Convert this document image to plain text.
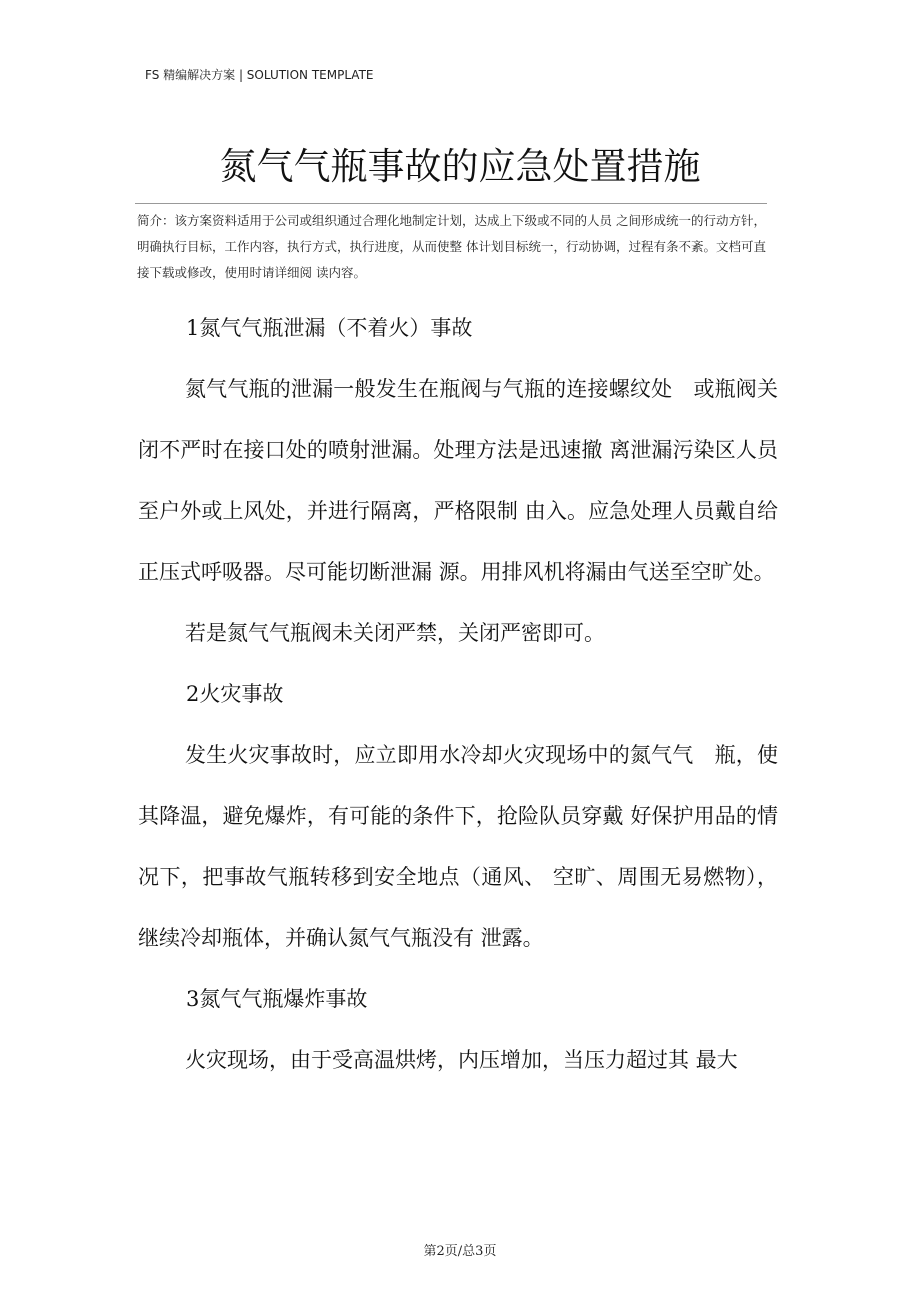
FS 精编解决方案 | SOLUTION TEMPLATE
氮气气瓶事故的应急处置措施
简介：该方案资料适用于公司或组织通过合理化地制定计划，达成上下级或不同的人员 之间形成统一的行动方针，明确执行目标，工作内容，执行方式，执行进度，从而使整 体计划目标统一，行动协调，过程有条不紊。文档可直接下载或修改，使用时请详细阅 读内容。
1氮气气瓶泄漏（不着火）事故
氮气气瓶的泄漏一般发生在瓶阀与气瓶的连接螺纹处　或瓶阀关闭不严时在接口处的喷射泄漏。处理方法是迅速撤 离泄漏污染区人员至户外或上风处，并进行隔离，严格限制 由入。应急处理人员戴自给正压式呼吸器。尽可能切断泄漏 源。用排风机将漏由气送至空旷处。
若是氮气气瓶阀未关闭严禁，关闭严密即可。
2火灾事故
发生火灾事故时，应立即用水冷却火灾现场中的氮气气　瓶，使其降温，避免爆炸，有可能的条件下，抢险队员穿戴 好保护用品的情况下，把事故气瓶转移到安全地点（通风、 空旷、周围无易燃物），继续冷却瓶体，并确认氮气气瓶没有 泄露。
3氮气气瓶爆炸事故
火灾现场，由于受高温烘烤，内压增加，当压力超过其 最大
第2页/总3页
